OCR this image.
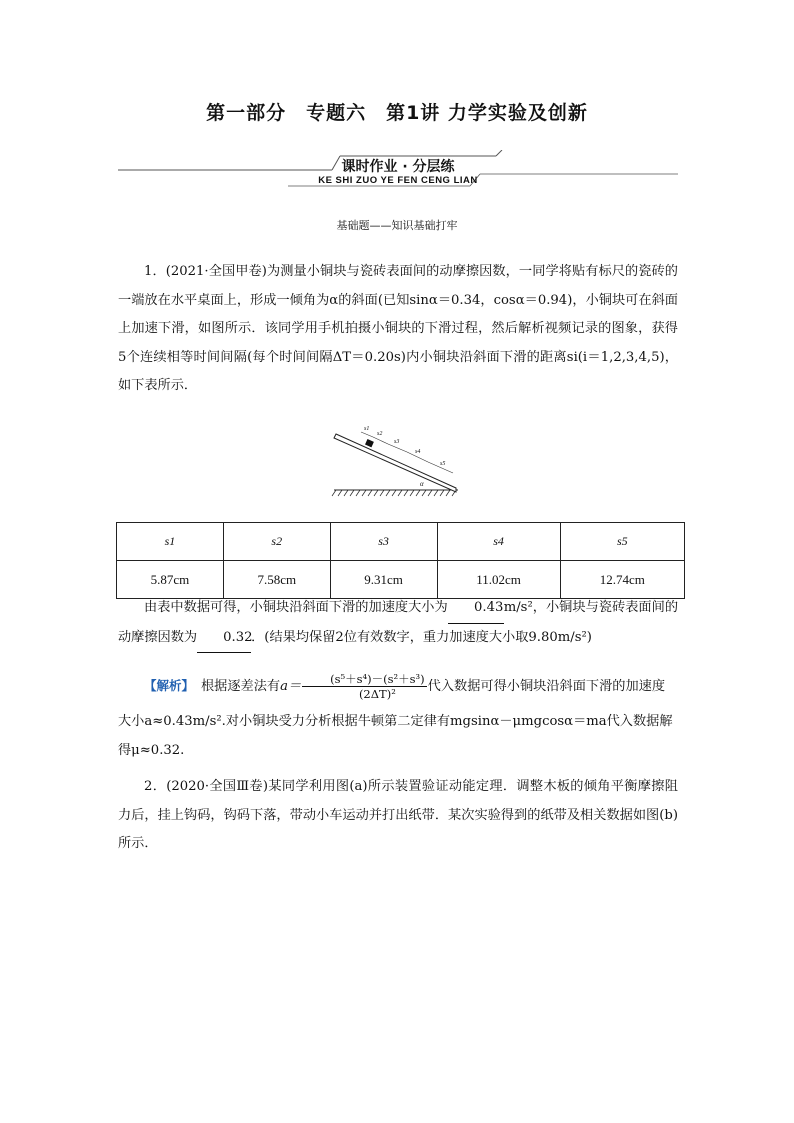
第一部分　专题六　第1讲 力学实验及创新
课时作业 · 分层练
KE SHI ZUO YE FEN CENG LIAN
基础题——知识基础打牢
1．(2021·全国甲卷)为测量小铜块与瓷砖表面间的动摩擦因数，一同学将贴有标尺的瓷砖的一端放在水平桌面上，形成一倾角为α的斜面(已知sinα＝0.34，cosα＝0.94)，小铜块可在斜面上加速下滑，如图所示．该同学用手机拍摄小铜块的下滑过程，然后解析视频记录的图象，获得5个连续相等时间间隔(每个时间间隔ΔT＝0.20s)内小铜块沿斜面下滑的距离si(i＝1,2,3,4,5)，如下表所示．
s1
s2
s3
s4
s5
α
s1	s2	s3	s4	s5
5.87cm	7.58cm	9.31cm	11.02cm	12.74cm
由表中数据可得，小铜块沿斜面下滑的加速度大小为 0.43m/s²，小铜块与瓷砖表面间的动摩擦因数为 0.32．(结果均保留2位有效数字，重力加速度大小取9.80m/s²)
【解析】　 根据逐差法有$a= \frac{\text{(s⁵＋s⁴)－(s²＋s³)}}{\text{(2ΔT)²}}$ 代入数据可得小铜块沿斜面下滑的加速度
大小a≈0.43m/s².对小铜块受力分析根据牛顿第二定律有mgsinα－μmgcosα＝ma代入数据解
得μ≈0.32.
2．(2020·全国Ⅲ卷)某同学利用图(a)所示装置验证动能定理．调整木板的倾角平衡摩擦阻力后，挂上钩码，钩码下落，带动小车运动并打出纸带．某次实验得到的纸带及相关数据如图(b)所示．
